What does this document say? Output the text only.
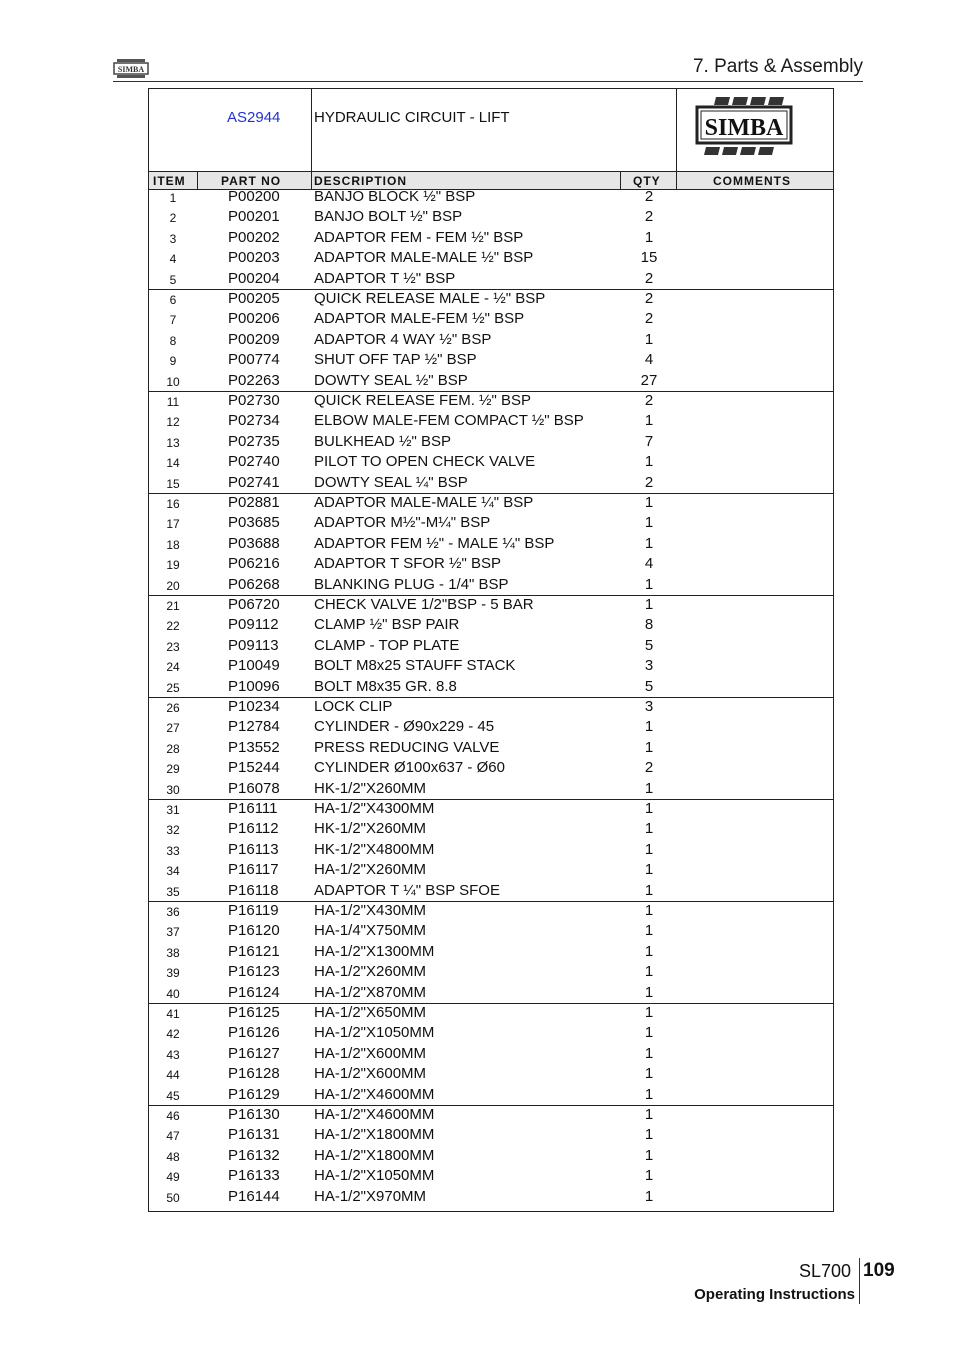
SIMBA	7. Parts & Assembly
AS2944 HYDRAULIC CIRCUIT - LIFT	SIMBA
ITEM	PART NO	DESCRIPTION	QTY	COMMENTS
1	P00200 BANJO BLOCK ½" BSP	2
2	P00201 BANJO BOLT ½" BSP	2
3	P00202 ADAPTOR FEM - FEM ½" BSP	1
4	P00203 ADAPTOR MALE-MALE ½" BSP	15
5	P00204 ADAPTOR T ½" BSP	2
6	P00205 QUICK RELEASE MALE - ½" BSP	2
7	P00206 ADAPTOR MALE-FEM ½" BSP	2
8	P00209 ADAPTOR 4 WAY ½" BSP	1
9	P00774 SHUT OFF TAP ½" BSP	4
10	P02263 DOWTY SEAL ½" BSP	27
11	P02730 QUICK RELEASE FEM. ½" BSP	2
12	P02734 ELBOW MALE-FEM COMPACT ½" BSP	1
13	P02735 BULKHEAD ½" BSP	7
14	P02740 PILOT TO OPEN CHECK VALVE	1
15	P02741 DOWTY SEAL ¼" BSP	2
16	P02881 ADAPTOR MALE-MALE ¼" BSP	1
17	P03685 ADAPTOR M½"-M¼" BSP	1
18	P03688 ADAPTOR FEM ½" - MALE ¼" BSP	1
19	P06216 ADAPTOR T SFOR ½" BSP	4
20	P06268 BLANKING PLUG - 1/4" BSP	1
21	P06720 CHECK VALVE 1/2"BSP - 5 BAR	1
22	P09112 CLAMP ½" BSP PAIR	8
23	P09113 CLAMP - TOP PLATE	5
24	P10049 BOLT M8x25 STAUFF STACK	3
25	P10096 BOLT M8x35 GR. 8.8	5
26	P10234 LOCK CLIP	3
27	P12784 CYLINDER - Ø90x229 - 45	1
28	P13552 PRESS REDUCING VALVE	1
29	P15244 CYLINDER Ø100x637 - Ø60	2
30	P16078 HK-1/2"X260MM	1
31	P16111 HA-1/2"X4300MM	1
32	P16112 HK-1/2"X260MM	1
33	P16113 HK-1/2"X4800MM	1
34	P16117 HA-1/2"X260MM	1
35	P16118 ADAPTOR T ¼" BSP SFOE	1
36	P16119 HA-1/2"X430MM	1
37	P16120 HA-1/4"X750MM	1
38	P16121 HA-1/2"X1300MM	1
39	P16123 HA-1/2"X260MM	1
40	P16124 HA-1/2"X870MM	1
41	P16125 HA-1/2"X650MM	1
42	P16126 HA-1/2"X1050MM	1
43	P16127 HA-1/2"X600MM	1
44	P16128 HA-1/2"X600MM	1
45	P16129 HA-1/2"X4600MM	1
46	P16130 HA-1/2"X4600MM	1
47	P16131 HA-1/2"X1800MM	1
48	P16132 HA-1/2"X1800MM	1
49	P16133 HA-1/2"X1050MM	1
50	P16144 HA-1/2"X970MM	1
SL700 109
Operating Instructions
